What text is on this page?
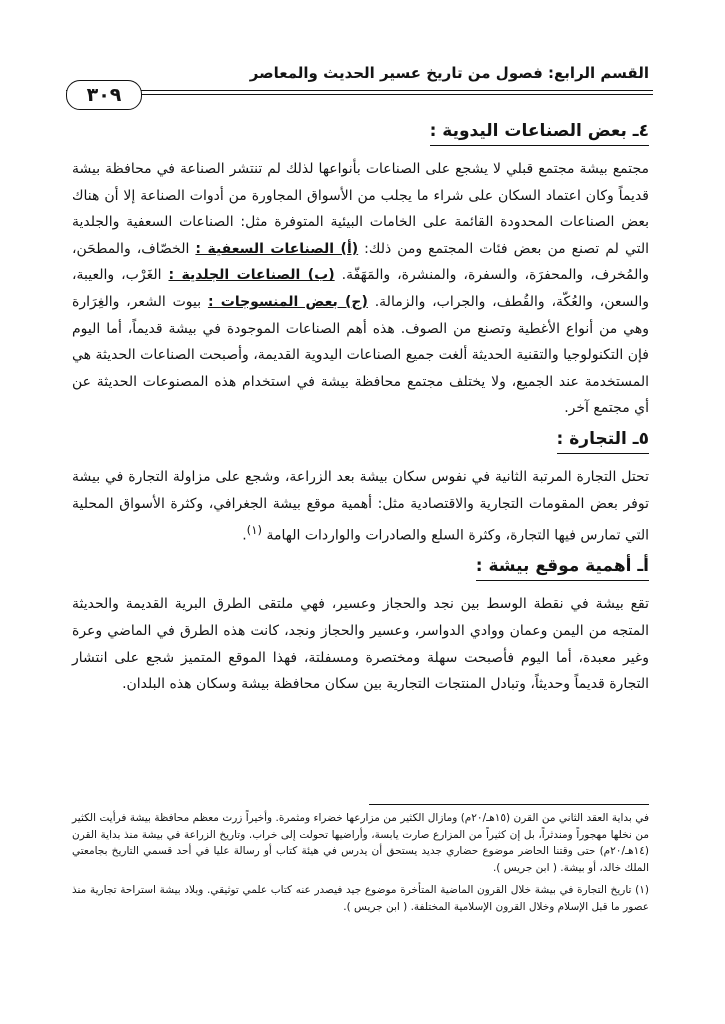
القسم الرابع: فصول من تاريخ عسير الحديث والمعاصر
٣٠٩
٤ـ بعض الصناعات اليدوية :

مجتمع بيشة مجتمع قبلي لا يشجع على الصناعات بأنواعها لذلك لم تنتشر الصناعة في محافظة بيشة قديماً وكان اعتماد السكان على شراء ما يجلب من الأسواق المجاورة من أدوات الصناعة إلا أن هناك بعض الصناعات المحدودة القائمة على الخامات البيئية المتوفرة مثل: الصناعات السعفية والجلدية التي لم تصنع من بعض فئات المجتمع ومن ذلك: (أ) الصناعات السعفية : الخصّاف، والمطحَن، والمُخرف، والمحفرَة، والسفرة، والمنشرة، والمَهَفّة. (ب) الصناعات الجلدية : الغَرْب، والعيبة، والسعن، والعُكّة، والقُطف، والجراب، والزمالة. (ج) بعض المنسوجات : بيوت الشعر، والغِرَارة وهي من أنواع الأغطية وتصنع من الصوف. هذه أهم الصناعات الموجودة في بيشة قديماً، أما اليوم فإن التكنولوجيا والتقنية الحديثة ألغت جميع الصناعات اليدوية القديمة، وأصبحت الصناعات الحديثة هي المستخدمة عند الجميع، ولا يختلف مجتمع محافظة بيشة في استخدام هذه المصنوعات الحديثة عن أي مجتمع آخر.

٥ـ التجارة :

تحتل التجارة المرتبة الثانية في نفوس سكان بيشة بعد الزراعة، وشجع على مزاولة التجارة في بيشة توفر بعض المقومات التجارية والاقتصادية مثل: أهمية موقع بيشة الجغرافي، وكثرة الأسواق المحلية التي تمارس فيها التجارة، وكثرة السلع والصادرات والواردات الهامة $^{(١)}$.

أـ أهمية موقع بيشة :

تقع بيشة في نقطة الوسط بين نجد والحجاز وعسير، فهي ملتقى الطرق البرية القديمة والحديثة المتجه من اليمن وعمان ووادي الدواسر، وعسير والحجاز ونجد، كانت هذه الطرق في الماضي وعرة وغير معبدة، أما اليوم فأصبحت سهلة ومختصرة ومسفلتة، فهذا الموقع المتميز شجع على انتشار التجارة قديماً وحديثاً، وتبادل المنتجات التجارية بين سكان محافظة بيشة وسكان هذه البلدان.

في بداية العقد الثاني من القرن (١٥هـ/٢٠م) ومازال الكثير من مزارعها خضراء ومثمرة. وأخيراً زرت معظم محافظة بيشة فرأيت الكثير من نخلها مهجوراً ومندثراً، بل إن كثيراً من المزارع صارت يابسة، وأراضيها تحولت إلى خراب. وتاريخ الزراعة في بيشة منذ بداية القرن (١٤هـ/٢٠م) حتى وقتنا الحاضر موضوع حضاري جديد يستحق أن يدرس في هيئة كتاب أو رسالة عليا في أحد قسمي التاريخ بجامعتي الملك خالد، أو بيشة. ( ابن جريس ).

(١) تاريخ التجارة في بيشة خلال القرون الماضية المتأخرة موضوع جيد فيصدر عنه كتاب علمي توثيقي. وبلاد بيشة استراحة تجارية منذ عصور ما قبل الإسلام وخلال القرون الإسلامية المختلفة. ( ابن جريس ).
